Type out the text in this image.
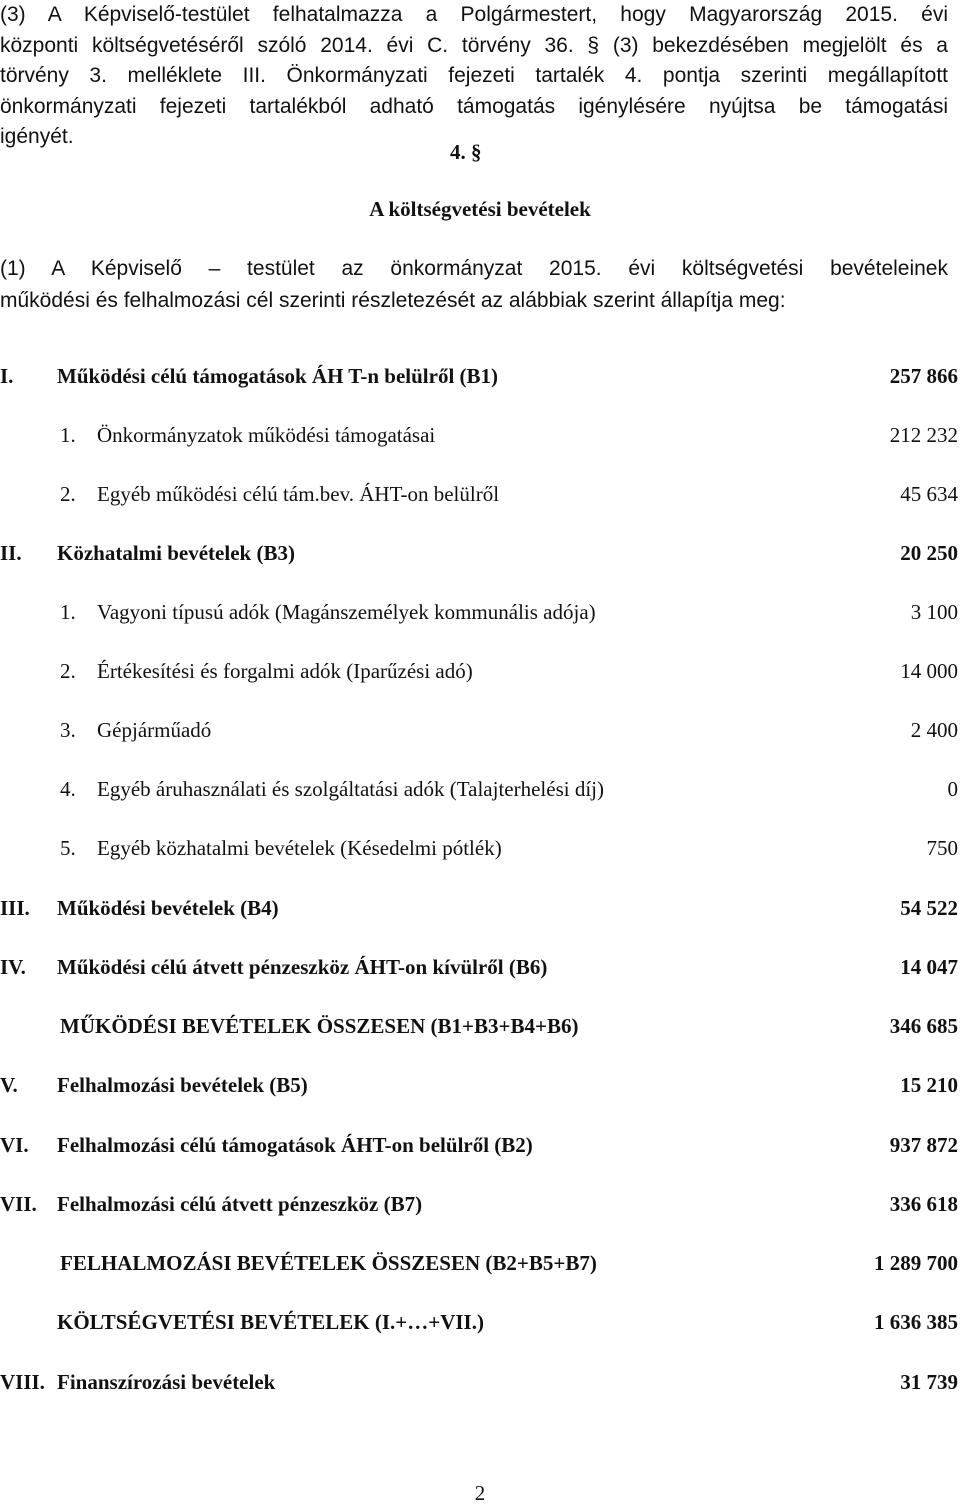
(3) A Képviselő-testület felhatalmazza a Polgármestert, hogy Magyarország 2015. évi
központi költségvetéséről szóló 2014. évi C. törvény 36. § (3) bekezdésében megjelölt és a
törvény 3. melléklete III. Önkormányzati fejezeti tartalék 4. pontja szerinti megállapított
önkormányzati fejezeti tartalékból adható támogatás igénylésére nyújtsa be támogatási
igényét.
4. §
A költségvetési bevételek
(1) A Képviselő – testület az önkormányzat 2015. évi költségvetési bevételeinek
működési és felhalmozási cél szerinti részletezését az alábbiak szerint állapítja meg:
I. Működési célú támogatások ÁH T-n belülről (B1)	257 866
1. Önkormányzatok működési támogatásai	212 232
2. Egyéb működési célú tám.bev. ÁHT-on belülről	45 634
II. Közhatalmi bevételek (B3)	20 250
1. Vagyoni típusú adók (Magánszemélyek kommunális adója)	3 100
2. Értékesítési és forgalmi adók (Iparűzési adó)	14 000
3. Gépjárműadó	2 400
4. Egyéb áruhasználati és szolgáltatási adók (Talajterhelési díj)	0
5. Egyéb közhatalmi bevételek (Késedelmi pótlék)	750
III. Működési bevételek (B4)	54 522
IV. Működési célú átvett pénzeszköz ÁHT-on kívülről (B6)	14 047
MŰKÖDÉSI BEVÉTELEK ÖSSZESEN (B1+B3+B4+B6)	346 685
V. Felhalmozási bevételek (B5)	15 210
VI. Felhalmozási célú támogatások ÁHT-on belülről (B2)	937 872
VII. Felhalmozási célú átvett pénzeszköz (B7)	336 618
FELHALMOZÁSI BEVÉTELEK ÖSSZESEN (B2+B5+B7)	1 289 700
KÖLTSÉGVETÉSI BEVÉTELEK (I.+…+VII.)	1 636 385
VIII. Finanszírozási bevételek	31 739
2
